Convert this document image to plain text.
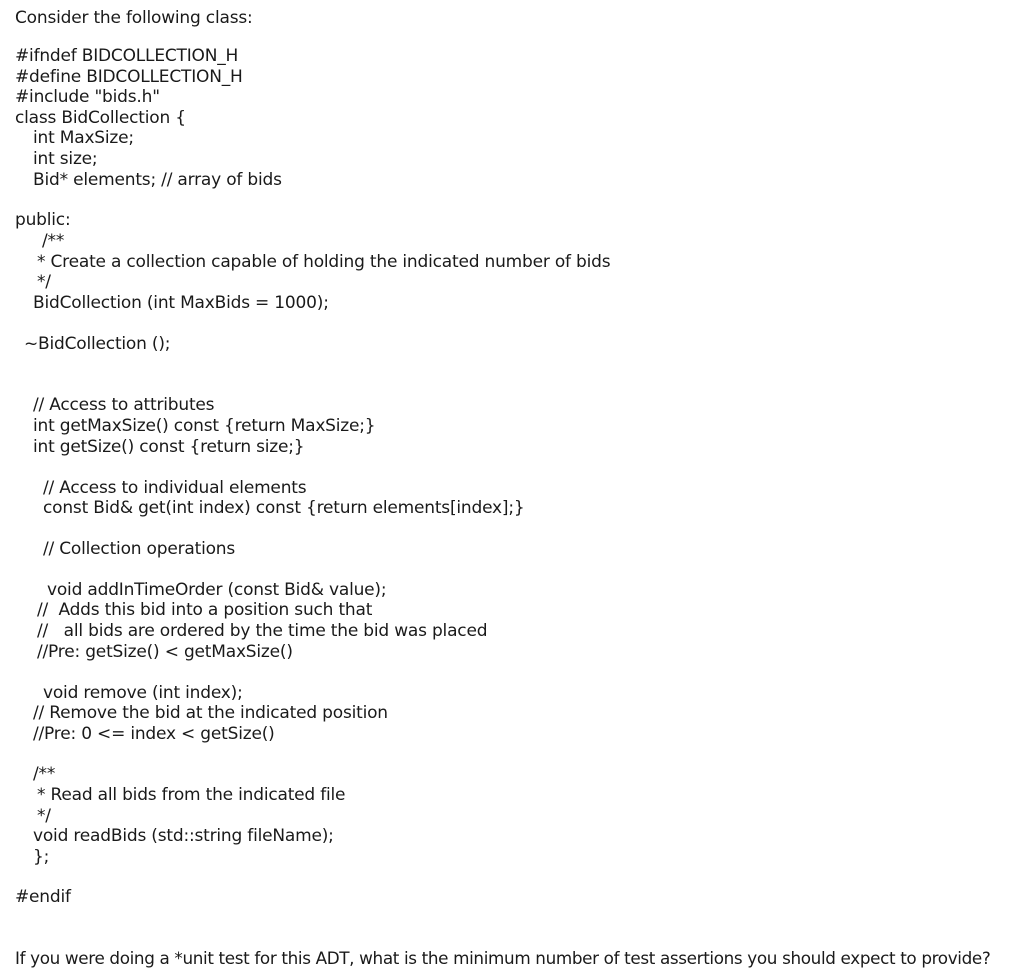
Consider the following class:
#ifndef BIDCOLLECTION_H
#define BIDCOLLECTION_H
#include "bids.h"
class BidCollection {
int MaxSize;
int size;
Bid* elements; // array of bids
public:
/**
* Create a collection capable of holding the indicated number of bids
*/
BidCollection (int MaxBids = 1000);
~BidCollection ();
// Access to attributes
int getMaxSize() const {return MaxSize;}
int getSize() const {return size;}
// Access to individual elements
const Bid& get(int index) const {return elements[index];}
// Collection operations
void addInTimeOrder (const Bid& value);
//  Adds this bid into a position such that
//   all bids are ordered by the time the bid was placed
//Pre: getSize() < getMaxSize()
void remove (int index);
// Remove the bid at the indicated position
//Pre: 0 <= index < getSize()
/**
* Read all bids from the indicated file
*/
void readBids (std::string fileName);
};
#endif
If you were doing a *unit test for this ADT, what is the minimum number of test assertions you should expect to provide?
